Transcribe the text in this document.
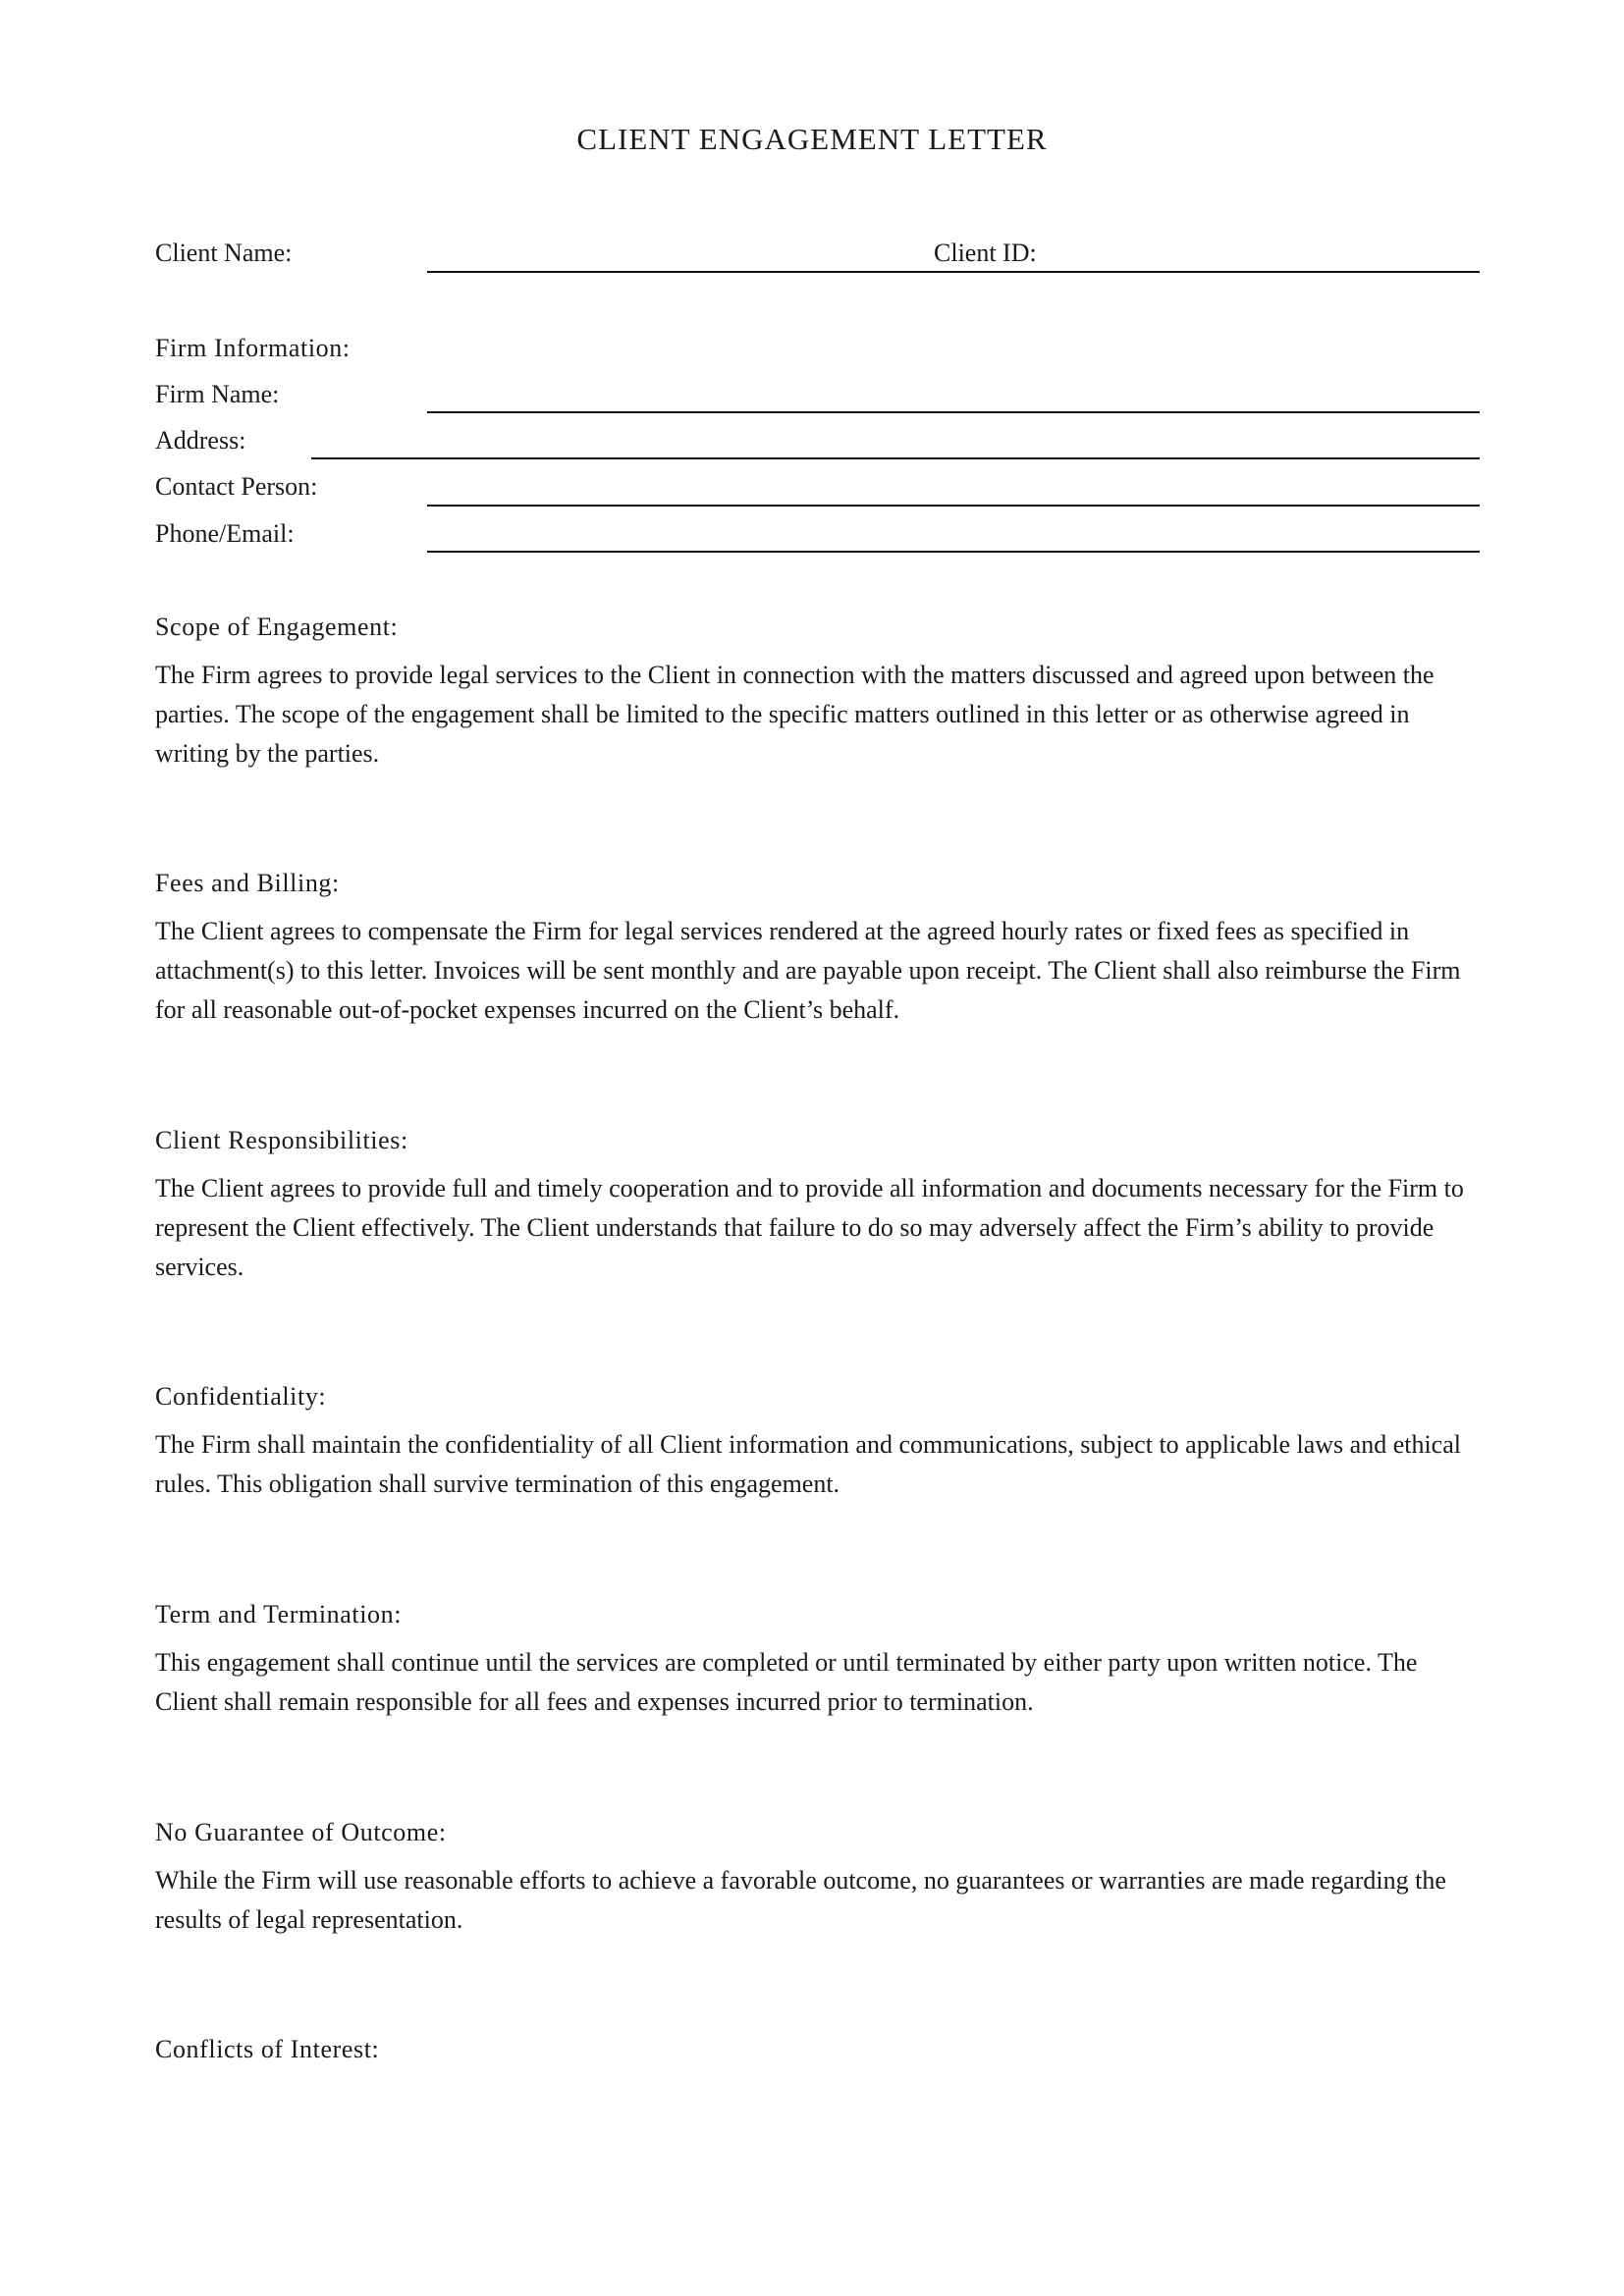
CLIENT ENGAGEMENT LETTER
Client Name:	Client ID:
Firm Information:
Firm Name:
Address:
Contact Person:
Phone/Email:
Scope of Engagement:

The Firm agrees to provide legal services to the Client in connection with the matters discussed and agreed upon between the parties. The scope of the engagement shall be limited to the specific matters outlined in this letter or as otherwise agreed in writing by the parties.

Fees and Billing:

The Client agrees to compensate the Firm for legal services rendered at the agreed hourly rates or fixed fees as specified in attachment(s) to this letter. Invoices will be sent monthly and are payable upon receipt. The Client shall also reimburse the Firm for all reasonable out-of-pocket expenses incurred on the Client’s behalf.

Client Responsibilities:

The Client agrees to provide full and timely cooperation and to provide all information and documents necessary for the Firm to represent the Client effectively. The Client understands that failure to do so may adversely affect the Firm’s ability to provide services.

Confidentiality:

The Firm shall maintain the confidentiality of all Client information and communications, subject to applicable laws and ethical rules. This obligation shall survive termination of this engagement.

Term and Termination:

This engagement shall continue until the services are completed or until terminated by either party upon written notice. The Client shall remain responsible for all fees and expenses incurred prior to termination.

No Guarantee of Outcome:

While the Firm will use reasonable efforts to achieve a favorable outcome, no guarantees or warranties are made regarding the results of legal representation.

Conflicts of Interest:
